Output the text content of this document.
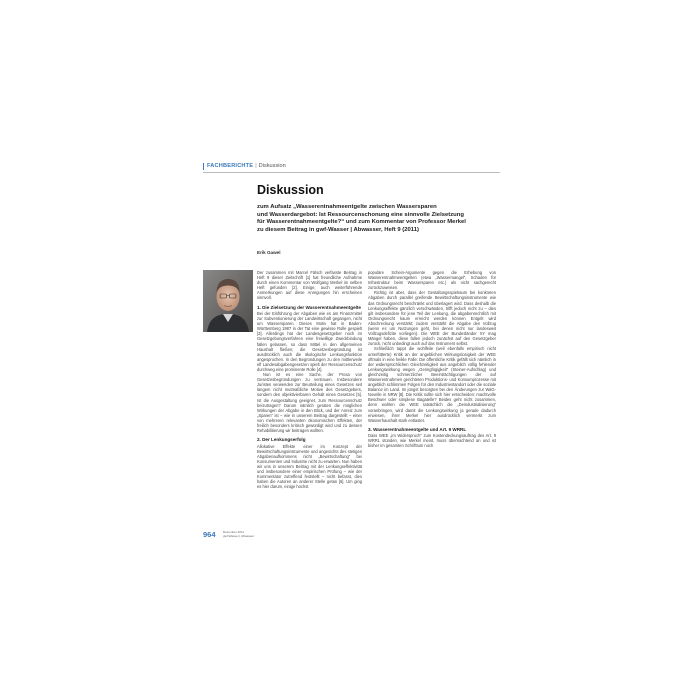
FACHBERICHTE | Diskussion
Diskussion
zum Aufsatz „Wasserentnahmeentgelte zwischen Wassersparen
und Wasserdargebot: Ist Ressourcenschonung eine sinnvolle Zielsetzung
für Wasserentnahmeentgelte?“ und zum Kommentar von Professor Merkel
zu diesem Beitrag in gwf-Wasser | Abwasser, Heft 9 (2011)
Erik Gawel

Der zusammen mit Marcel Fälsch verfasste Beitrag in Heft 9 dieser Zeitschrift [1] hat freundliche Aufnahme durch einen Kommentar von Wolfgang Merkel im selben Heft gefunden [2]. Einige, auch weiterführende Anmerkungen auf diese Anregungen hin erscheinen sinnvoll.

1. Die Zielsetzung der Wasserentnahmeentgelte

Bei der Einführung der Abgaben wie es am Finanzmittel zur Subventionierung der Landwirtschaft gegangen, nicht um Wassersparen. Dieses Motiv hat in Baden-Württemberg 1987 in der Tat eine gewisse Rolle gespielt [3]. Allerdings hat der Landesgesetzgeber noch im Gesetzgebungsverfahren eine freiwillige Zweckbindung fallen gelassen, so dass Mittel in den allgemeinen Haushalt fließen; die Gesetzesbegründung ist ausdrücklich auch die ökologische Lenkungsfunktion angesprochen. In den Begründungen zu den mittlerweile elf Landesabgabengesetzen spielt der Ressourcenschutz durchweg eine prominente Rolle [4].

Nun ist es eine Sache, der Prosa von Gesetzesbegründungen zu vertrauen. Insbesondere Juristen verwenden zur Beurteilung eines Gesetzes seit langem nicht mutmaßliche Motive des Gesetzgebers, sondern den objektivierbaren Gehalt eines Gesetzes [5]. Ist die Ausgestaltung geeignet, zum Ressourcenschutz beizutragen? Darum nämlich geraten die möglichen Wirkungen der Abgabe in den Blick, und der Anreiz zum „Sparen“ ist – wie in unserem Beitrag dargestellt – einer von mehreren relevanten ökonomischen Effekten, der freilich besonders kritisch gewürdigt wird und zu dessen Rehabilitierung wir beitragen wollten.

2. Der Lenkungserfolg

Allokative Effekte einer im Konzept der Bewirtschaftungsinstrumente und angesichts des stetigen Abgabenaufkommens nicht „Bewirtschaftung“ bei Konsumenten und Industrie nicht zu erwarten. Nun haben wir uns in unserem Beitrag mit der Lenkungseffektivität und insbesondere einer empirischen Prüfung – wie der Kommentator zutreffend feststellt – nicht befasst, dies haben die Autoren an anderer Stelle getan [6]. Um ging es hier darum, einige hochst

populäre Schein-Argumente gegen die Erhebung von Wasserentnahmeentgelten (etwa „Wassermangel“, Schaden für Infrastruktur beim Wassersparen etc.) als nicht sachgerecht zurückzuweisen.

Richtig ist aber, dass der Gestaltungsspielraum bei konkreten Abgaben durch parallel greifende Bewirtschaftungsinstrumente wie das Ordnungsrecht beschränkt und überlagert wird. Dass deshalb die Lenkungseffekte gänzlich verschwänden, trifft jedoch nicht zu – dies gilt insbesondere für jene Teil der Lenkung, die abgabenrechtlich mit Ordnungsrecht kaum erreicht werden können Entgelt wird Abschreckung verstärkt; zudem verstärkt die Abgabe den Vollzug (wenn es um Nutzungen geht, bei denen nicht nur landesweit Vollzugsdefizite vorliegen). Die WEE der Bundesländer XY mag Mängel haben, diese fallen jedoch zunächst auf den Gesetzgeber zurück, nicht unbedingt auch auf das Instrument selbst.

Schließlich tappt die wohlfeile (weil ebenfalls empirisch nicht unterfütterte) Kritik an der angeblichen Wirkungslosigkeit der WEE oftmals in eine heikle Falle: Die öffentliche Kritik gefällt sich nämlich in der widersprüchlichen Gleichzeitigkeit aus angeblich völlig fehlender Lenkungswirkung wegen „Geringfügigkeit“ (Steiner-Aufschlag) und gleichzeitig schmerzlicher Beeinträchtigungen der auf Wasserentnahmen gerichteten Produktions- und Konsumprozesse mit angeblich schlimmen Folgen für den Industriestandort oder die soziale Balance im Land. Im jüngst besorgten bei den Änderungen zur WaG-Novelle in NRW [8]. Die Kritik sollte sich hier entscheiden: machtvolle Beschwer oder simplese Bagatelle? Beides geht nicht zusammen, denn wohlen die WEE tatsächlich die „Deindustrialisierung“ voranbringen, wird damit die Lenkungswirkung ja gerade dadurch erwiesen, ihrer Merkel hier ausdrücklich vermerkt zum Wasserhaushalt stark entlastet.

3. Wasserentnahmeentgelte und Art. 9 WRRL

Dass WEE „im Widerspruch“ zum Kostendeckungsauftrag des Art. 9 WRRL stünden, wie Merkel meint, muss übernachtend an und ist bisher im gesamten Schrifttum noch

964 Dezember 2011
gwf-Wasser | Abwasser
